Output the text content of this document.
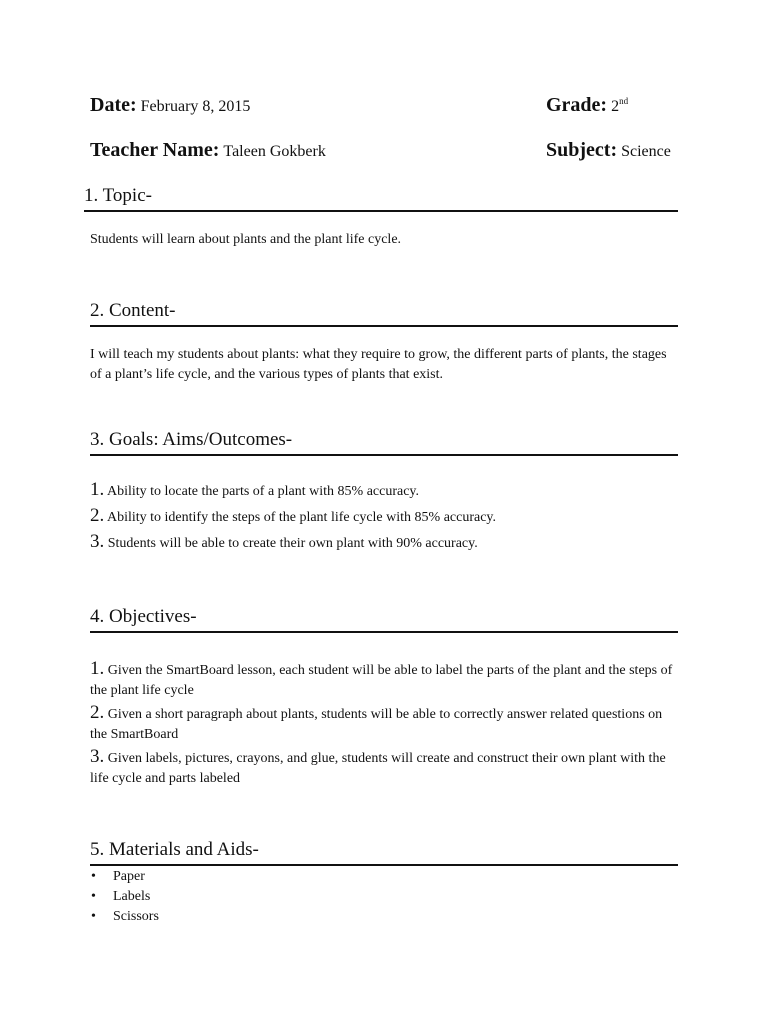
Date: February 8, 2015	Grade: 2nd
Teacher Name: Taleen Gokberk	Subject: Science
1. Topic-
Students will learn about plants and the plant life cycle.
2. Content-
I will teach my students about plants: what they require to grow, the different parts of plants, the stages of a plant’s life cycle, and the various types of plants that exist.
3. Goals: Aims/Outcomes-
1. Ability to locate the parts of a plant with 85% accuracy.
2. Ability to identify the steps of the plant life cycle with 85% accuracy.
3. Students will be able to create their own plant with 90% accuracy.
4. Objectives-
1. Given the SmartBoard lesson, each student will be able to label the parts of the plant and the steps of the plant life cycle
2. Given a short paragraph about plants, students will be able to correctly answer related questions on the SmartBoard
3. Given labels, pictures, crayons, and glue, students will create and construct their own plant with the life cycle and parts labeled
5. Materials and Aids-
• Paper
• Labels
• Scissors
